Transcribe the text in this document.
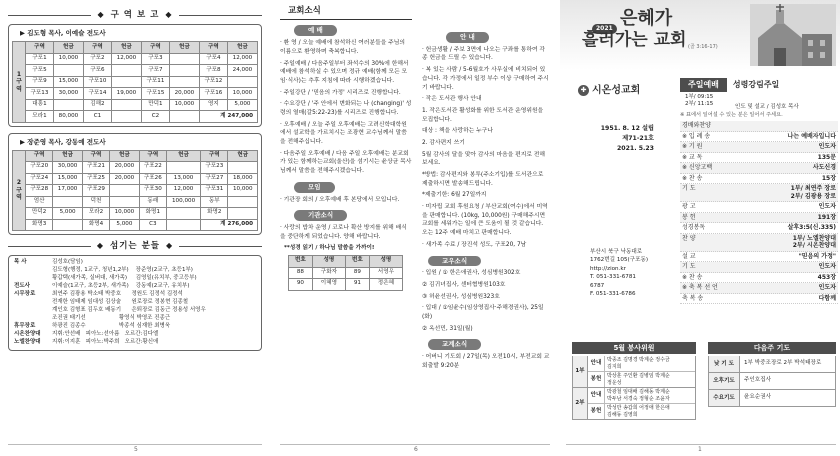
◆ 구 역 보 고 ◆
▶ 김도형 목사, 이예슬 전도사
1
구
역	구역	헌금	구역	헌금	구역	헌금	구역	헌금
	구포1	10,000	구포2	12,000	구포3		구포4	12,000
	구포5		구포6		구포7		구포8	24,000
	구포9	15,000	구포10		구포11		구포12	
	구포13	30,000	구포14	19,000	구포15	20,000	구포16	10,000
	대흥1		김해2		만덕1	10,000	영지	5,000
	모라1	80,000	C1		C2		계 247,000	
▶ 장준영 목사, 강동예 전도사
2
구
역	구역	헌금	구역	헌금	구역	헌금	구역	헌금
	구포20	30,000	구포21	20,000	구포22		구포23	
	구포24	15,000	구포25	20,000	구포26	13,000	구포27	18,000
	구포28	17,000	구포29		구포30	12,000	구포31	10,000
	엄산		덕천		동래	100,000	동부	
	만덕2	5,000	모라2	10,000	화명1		화명2	
	화명3		화명4	5,000	C3		계 276,000	
◆ 섬기는 분들 ◆
목 사	김성호(담임)
김도형(행정, 1교구, 청년1,2부)    장준영(2교구, 초등1부)
황갑택(새가족, 실버대, 새가족)     김영일(유치부, 중고등부)
전도사	이예슬(1교구, 초등2부, 새가족)    강동예(2교구, 유치부)
시무장로	최연주 김광용 박소태 박중호      정원도 김정석 김정석
전재한 임태제 임대성 김상술      원로장로 정봉현 김종철
계인호 김형표 김두호 배동기      은퇴장로 김동근 정용성 서영우
조진권 태기선                   황영식 박영조 진종근
휴무장로	하광진 김종수                   박종석 심재한 최병욱
시온찬양대	지휘:안선배   피아노:선아름   오르간:김다엘
노엘찬양대	지휘:이지훈   피아노:박주희   오르간:황신애
5
교회소식
예 배
· 환 영 / 오늘 예배에 참석하신 여러분들을 주님의 이름으로 환영하며 축복합니다.
· 주일예배 / 다음주일부터 좌석수의 30%에 한해서 예배에 참석하실 수 있으며 정규 예배(함께 모든 모임·식사)는 추후 지침에 따라 시행하겠습니다.
· 주일강단 / '믿음의 가정' 시리즈로 진행합니다.
· 수요강단 / '주 안에서 변화되는 나 (changing)' 성령의 열매(갈5:22-23)를 시리즈로 진행합니다.
· 오후예배 / 오늘 주일 오후예배는 고려신학대학원에서 설교학을 가르치시는 조광현 교수님께서 말씀을 전해주십니다.
· 다음주일 오후예배 / 다음 주일 오후예배는 분교회가 있는 함께하는교회(울산)을 섬기시는 윤상균 목사님께서 말씀을 전해주시겠습니다.
모임
· 기관장 회의 / 오후예배 후 본당에서 모입니다.
기관소식
· 사랑의 밥차 운영 / 코로나 확산 방지를 위해 배식을 중단하게 되었습니다. 양해 바랍니다.
**성경 읽기 / 하나님 말씀을 가까이!
번호	성명	번호	성명
88	구화자	89	서영우
90	이혜영	91	정은혜
안 내
· 헌금생활 / 주보 3면에 나오는 구좌를 통하여 각종 헌금을 드릴 수 있습니다.
· 복 있는 사람 / 5-6월호가 사무실에 비치되어 있습니다. 각 가정에서 일정 부수 이상 구매하여 주시기 바랍니다.
· 작은 도서관 행사 안내
1. 작은도서관 활성화를 위한 도서관 운영위원을 모집합니다.
대상 : 책을 사랑하는 누구나
2. 감사편지 쓰기
5월 감사의 달을 맞아 감사의 마음을 편지로 전해보세요.
*방법: 감사편지와 봉투(주소기입)를 도서관으로 제출하시면 발송해드립니다.
*제출기한: 6월 27일까지
· 미자립 교회 후원요청 / 부산교회(여수)에서 미역을 판매합니다. (10kg, 10,000원) 구매해주시면 교회를 세워가는 일에 큰 도움이 될 것 같습니다. 오는 12주 예배 마치고 판매합니다.
· 새가족 수료 / 장진석 성도, 구포20, 7남
교우소식
· 입원 / ① 한은애권사, 성심병원302호
② 김귀녀집사, 센터협병원103호
③ 허윤선권사, 성심병원323호
· 입대 / ①임윤수(임상영집사·주해경권사), 25일(화)
② 옥선민, 31일(월)
교계소식
· 어버니 기도회 / 27일(목) 오전10시, 부전교회 교회출발 9:20분
6
2021 은혜가
흘러가는 교회 (골 3:16-17)
✚ 시온성교회
주일예배	성령강림주일
1부/ 09:15
2부/ 11:15	인도 및 설교 / 김성호 목사
1951. 8. 12 설립
제71-21호
2021. 5.23
부산시 북구 낙동대로
1762번길 105(구포동)
http://zion.kr
T. 051-331-6781
6787
F. 051-331-6786
※ 표에서 일어설 수 있는 분은 일어서 주세요.
경배와찬양
※ 입 례 송	나는 예배자입니다
※ 기 원	인도자
※ 교 독	135문
※ 신앙고백	사도신경
※ 찬 송	15장
기 도	1부/ 최연주 장로
2부/ 김광용 장로
광 고	인도자
봉 헌	191장
성경봉독	살후3:5(신.335)
찬 양	1부/ 노엘찬양대
2부/ 시온찬양대
설 교	"믿음의 가정"
기 도	인도자
※ 찬 송	453장
※ 축 복 선 언	인도자
축 복 송	다함께
5월 봉사위원
1부
안내	박종조 김명경 박계순 정수금
김지희
봉헌	박상훈 주인환 김병임 박계순
정운성
2부
안내	박광철 임대배 김해동 박계순
박두남 서경숙 정형순 조윤자
봉헌	박성만 송갑희 어정애 한은애
김해동 김영희
다음주 기도
낮 기 도	1부 박중조장로 2부 박석태장로
오후기도	주인호집사
수요기도	윤요순권사
1
